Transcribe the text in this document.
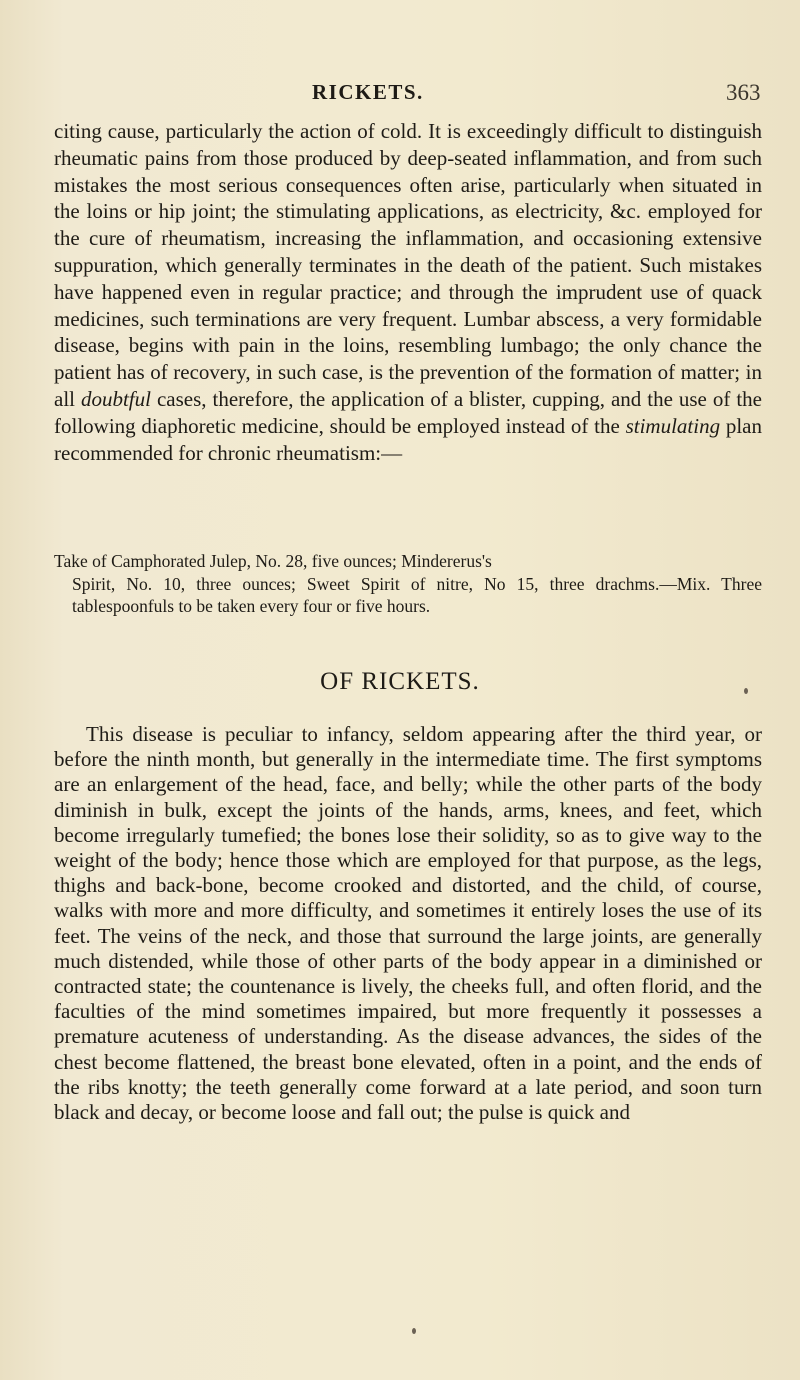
RICKETS.	363

citing cause, particularly the action of cold. It is exceedingly difficult to distinguish rheumatic pains from those produced by deep-seated inflammation, and from such mistakes the most serious consequences often arise, particularly when situated in the loins or hip joint; the stimulating applications, as electricity, &c. employed for the cure of rheumatism, increasing the inflammation, and occasioning extensive suppuration, which generally terminates in the death of the patient. Such mistakes have happened even in regular practice; and through the imprudent use of quack medicines, such terminations are very frequent. Lumbar abscess, a very formidable disease, begins with pain in the loins, resembling lumbago; the only chance the patient has of recovery, in such case, is the prevention of the formation of matter; in all doubtful cases, therefore, the application of a blister, cupping, and the use of the following diaphoretic medicine, should be employed instead of the stimulating plan recommended for chronic rheumatism:—

Take of Camphorated Julep, No. 28, five ounces; Mindererus's
Spirit, No. 10, three ounces; Sweet Spirit of nitre, No 15, three drachms.—Mix. Three tablespoonfuls to be taken every four or five hours.

OF RICKETS.

This disease is peculiar to infancy, seldom appearing after the third year, or before the ninth month, but generally in the intermediate time. The first symptoms are an enlargement of the head, face, and belly; while the other parts of the body diminish in bulk, except the joints of the hands, arms, knees, and feet, which become irregularly tumefied; the bones lose their solidity, so as to give way to the weight of the body; hence those which are employed for that purpose, as the legs, thighs and back-bone, become crooked and distorted, and the child, of course, walks with more and more difficulty, and sometimes it entirely loses the use of its feet. The veins of the neck, and those that surround the large joints, are generally much distended, while those of other parts of the body appear in a diminished or contracted state; the countenance is lively, the cheeks full, and often florid, and the faculties of the mind sometimes impaired, but more frequently it possesses a premature acuteness of understanding. As the disease advances, the sides of the chest become flattened, the breast bone elevated, often in a point, and the ends of the ribs knotty; the teeth generally come forward at a late period, and soon turn black and decay, or become loose and fall out; the pulse is quick and
